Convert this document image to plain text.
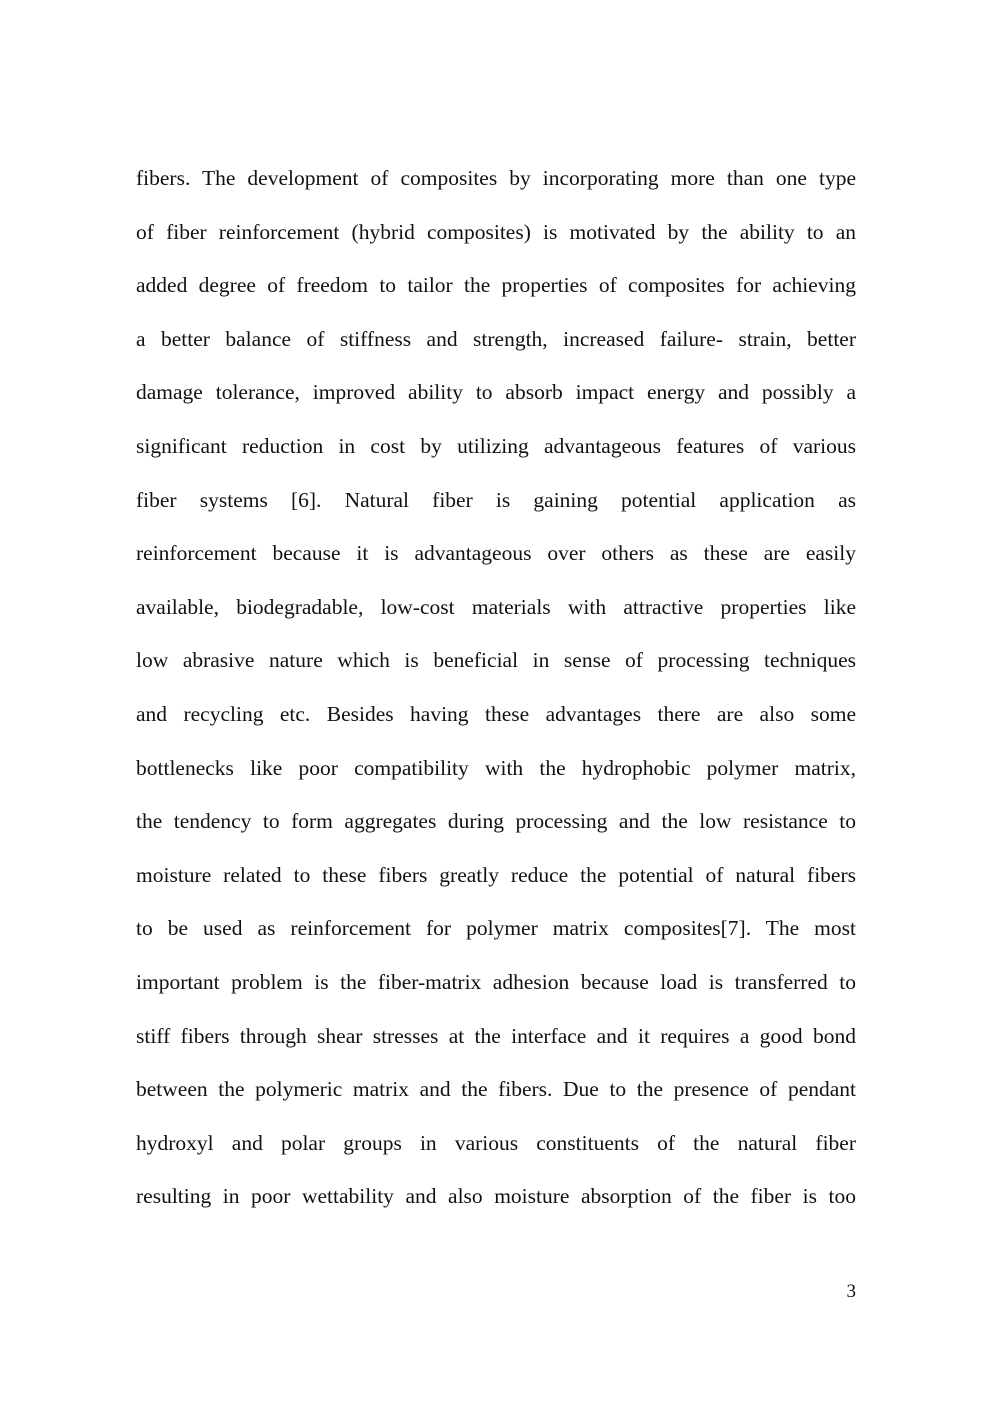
fibers. The development of composites by incorporating more than one type
of fiber reinforcement (hybrid composites) is motivated by the ability to an
added degree of freedom to tailor the properties of composites for achieving
a better balance of stiffness and strength, increased failure- strain, better
damage tolerance, improved ability to absorb impact energy and possibly a
significant reduction in cost by utilizing advantageous features of various
fiber systems [6]. Natural fiber is gaining potential application as
reinforcement because it is advantageous over others as these are easily
available, biodegradable, low-cost materials with attractive properties like
low abrasive nature which is beneficial in sense of processing techniques
and recycling etc. Besides having these advantages there are also some
bottlenecks like poor compatibility with the hydrophobic polymer matrix,
the tendency to form aggregates during processing and the low resistance to
moisture related to these fibers greatly reduce the potential of natural fibers
to be used as reinforcement for polymer matrix composites[7]. The most
important problem is the fiber-matrix adhesion because load is transferred to
stiff fibers through shear stresses at the interface and it requires a good bond
between the polymeric matrix and the fibers. Due to the presence of pendant
hydroxyl and polar groups in various constituents of the natural fiber
resulting in poor wettability and also moisture absorption of the fiber is too
3
